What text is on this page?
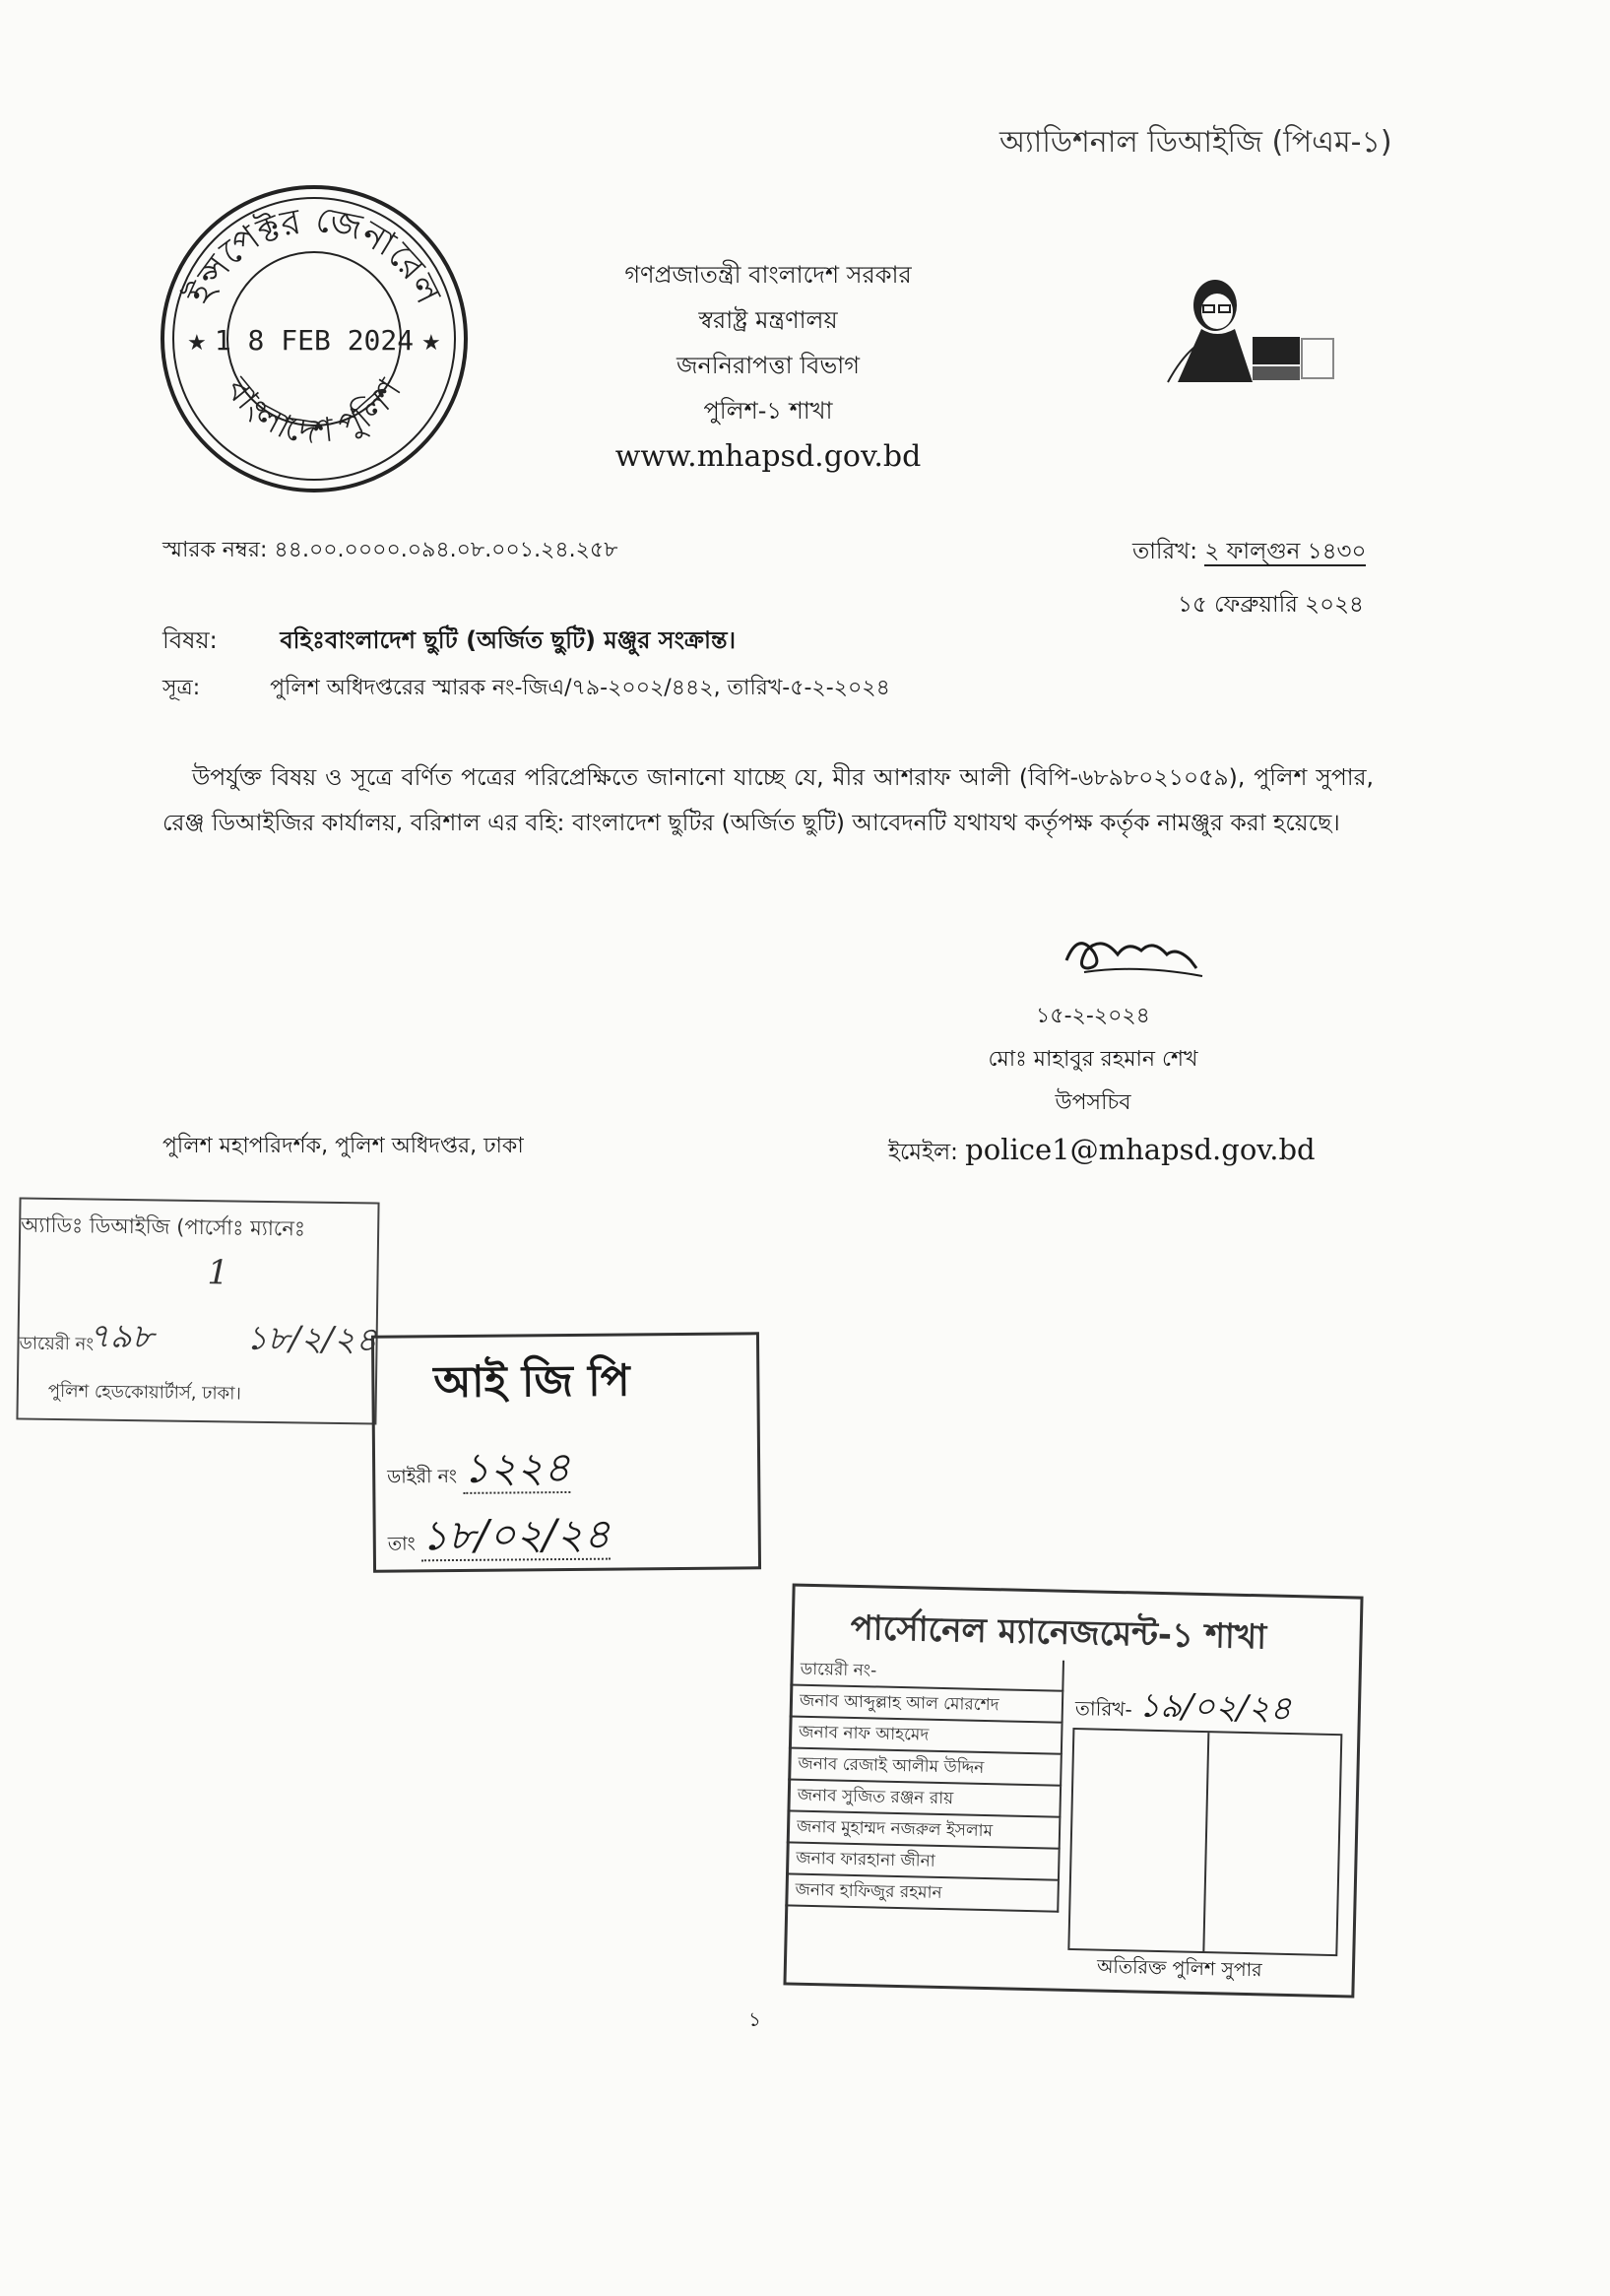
অ্যাডিশনাল ডিআইজি (পিএম-১)
ইন্সপেক্টর জেনারেল
বাংলাদেশ পুলিশ
1 8 FEB 2024
★	★
গণপ্রজাতন্ত্রী বাংলাদেশ সরকার
স্বরাষ্ট্র মন্ত্রণালয়
জননিরাপত্তা বিভাগ
পুলিশ-১ শাখা
www.mhapsd.gov.bd
স্মারক নম্বর: ৪৪.০০.০০০০.০৯৪.০৮.০০১.২৪.২৫৮	তারিখ: ২ ফাল্গুন ১৪৩০
১৫ ফেব্রুয়ারি ২০২৪
বিষয়:	বহিঃবাংলাদেশ ছুটি (অর্জিত ছুটি) মঞ্জুর সংক্রান্ত।
সূত্র:	পুলিশ অধিদপ্তরের স্মারক নং-জিএ/৭৯-২০০২/৪৪২, তারিখ-৫-২-২০২৪
উপর্যুক্ত বিষয় ও সূত্রে বর্ণিত পত্রের পরিপ্রেক্ষিতে জানানো যাচ্ছে যে, মীর আশরাফ আলী (বিপি-৬৮৯৮০২১০৫৯), পুলিশ সুপার, রেঞ্জ ডিআইজির কার্যালয়, বরিশাল এর বহি: বাংলাদেশ ছুটির (অর্জিত ছুটি) আবেদনটি যথাযথ কর্তৃপক্ষ কর্তৃক নামঞ্জুর করা হয়েছে।
১৫-২-২০২৪
মোঃ মাহাবুর রহমান শেখ
উপসচিব
ইমেইল: police1@mhapsd.gov.bd
পুলিশ মহাপরিদর্শক, পুলিশ অধিদপ্তর, ঢাকা
অ্যাডিঃ ডিআইজি (পার্সোঃ ম্যানেঃ
1
ডায়েরী নং
৭৯৮	১৮/২/২৪
পুলিশ হেডকোয়ার্টার্স, ঢাকা।	আই জি পি
ডাইরী নং ১২২৪
তাং ১৮/০২/২৪
পার্সোনেল ম্যানেজমেন্ট-১ শাখা
ডায়েরী নং-
জনাব আব্দুল্লাহ আল মোরশেদ
জনাব নাফ আহমেদ
জনাব রেজাই আলীম উদ্দিন
জনাব সুজিত রঞ্জন রায়
জনাব মুহাম্মদ নজরুল ইসলাম
জনাব ফারহানা জীনা
জনাব হাফিজুর রহমান
তারিখ- ১৯/০২/২৪
অতিরিক্ত পুলিশ সুপার
১
